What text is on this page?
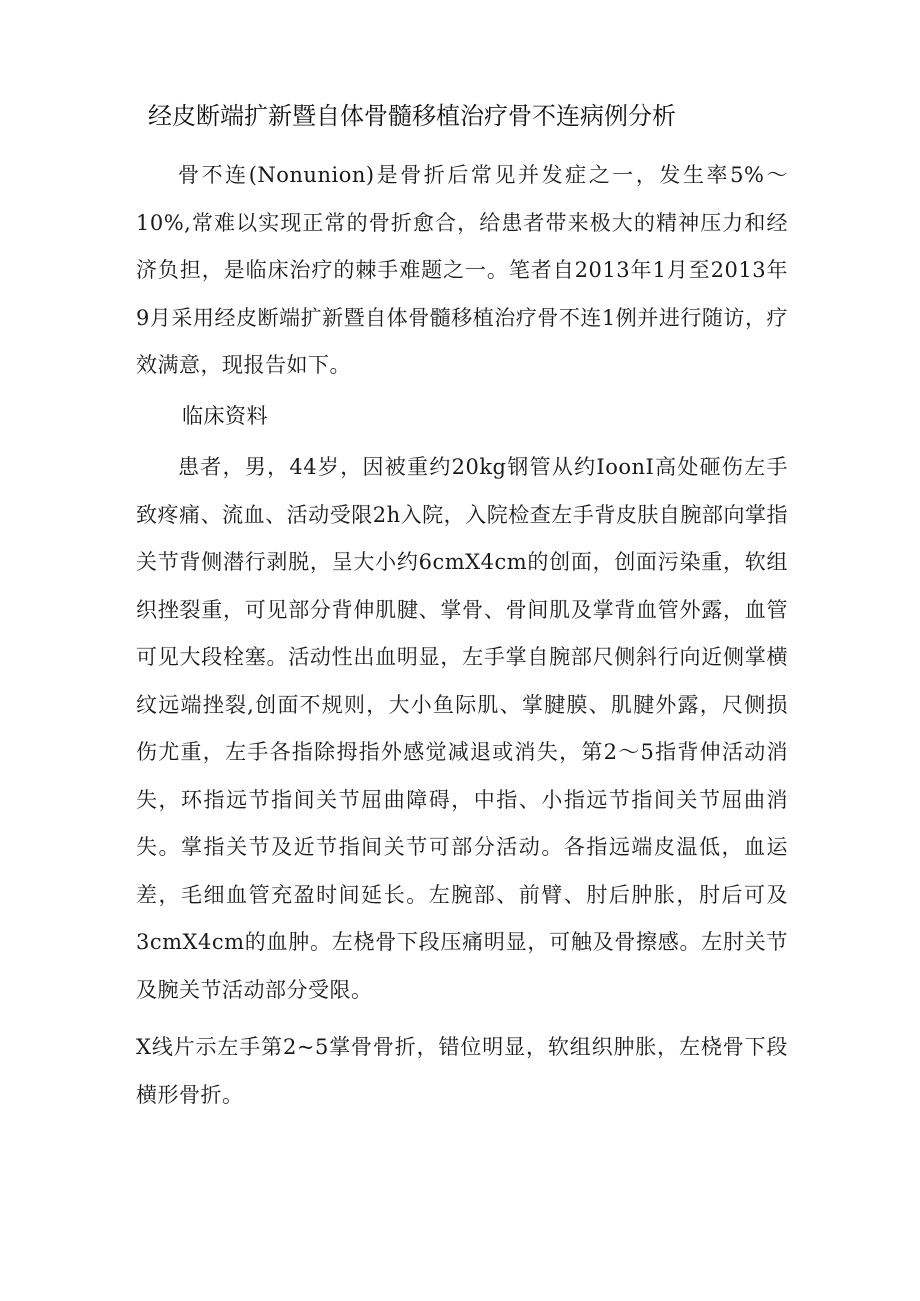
经皮断端扩新暨自体骨髓移植治疗骨不连病例分析

骨不连(Nonunion)是骨折后常见并发症之一，发生率5%～10%,常难以实现正常的骨折愈合，给患者带来极大的精神压力和经济负担，是临床治疗的棘手难题之一。笔者自2013年1月至2013年9月采用经皮断端扩新暨自体骨髓移植治疗骨不连1例并进行随访，疗效满意，现报告如下。

临床资料

患者，男，44岁，因被重约20kg钢管从约IoonI高处砸伤左手致疼痛、流血、活动受限2h入院，入院检查左手背皮肤自腕部向掌指关节背侧潜行剥脱，呈大小约6cmX4cm的创面，创面污染重，软组织挫裂重，可见部分背伸肌腱、掌骨、骨间肌及掌背血管外露，血管可见大段栓塞。活动性出血明显，左手掌自腕部尺侧斜行向近侧掌横纹远端挫裂,创面不规则，大小鱼际肌、掌腱膜、肌腱外露，尺侧损伤尤重，左手各指除拇指外感觉减退或消失，第2～5指背伸活动消失，环指远节指间关节屈曲障碍，中指、小指远节指间关节屈曲消失。掌指关节及近节指间关节可部分活动。各指远端皮温低，血运差，毛细血管充盈时间延长。左腕部、前臂、肘后肿胀，肘后可及3cmX4cm的血肿。左桡骨下段压痛明显，可触及骨擦感。左肘关节及腕关节活动部分受限。

X线片示左手第2~5掌骨骨折，错位明显，软组织肿胀，左桡骨下段横形骨折。
